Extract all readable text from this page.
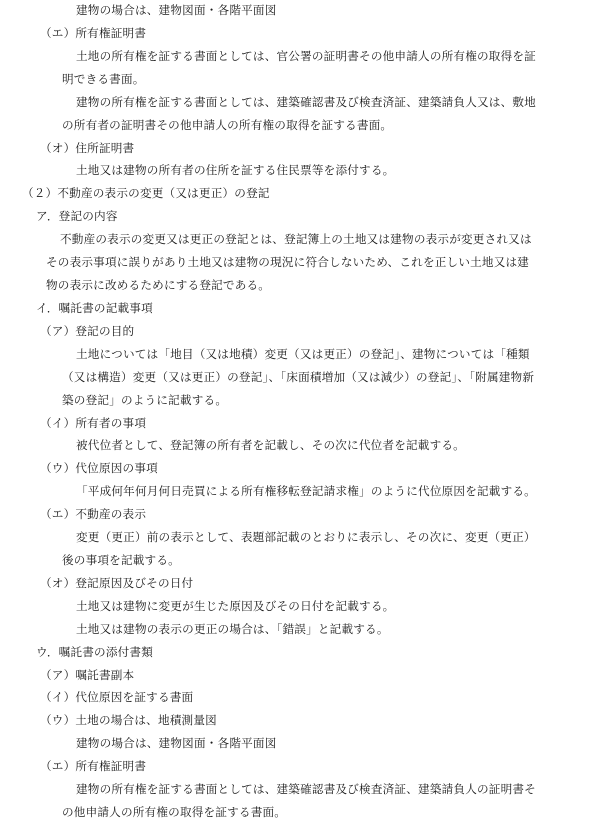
建物の場合は、建物図面・各階平面図
（エ）所有権証明書
土地の所有権を証する書面としては、官公署の証明書その他申請人の所有権の取得を証
明できる書面。
建物の所有権を証する書面としては、建築確認書及び検査済証、建築請負人又は、敷地
の所有者の証明書その他申請人の所有権の取得を証する書面。
（オ）住所証明書
土地又は建物の所有者の住所を証する住民票等を添付する。
（２）不動産の表示の変更（又は更正）の登記
ア．登記の内容
不動産の表示の変更又は更正の登記とは、登記簿上の土地又は建物の表示が変更され又は
その表示事項に誤りがあり土地又は建物の現況に符合しないため、これを正しい土地又は建
物の表示に改めるためにする登記である。
イ．嘱託書の記載事項
（ア）登記の目的
土地については「地目（又は地積）変更（又は更正）の登記」、建物については「種類
（又は構造）変更（又は更正）の登記」、「床面積増加（又は減少）の登記」、「附属建物新
築の登記」のように記載する。
（イ）所有者の事項
被代位者として、登記簿の所有者を記載し、その次に代位者を記載する。
（ウ）代位原因の事項
「平成何年何月何日売買による所有権移転登記請求権」のように代位原因を記載する。
（エ）不動産の表示
変更（更正）前の表示として、表題部記載のとおりに表示し、その次に、変更（更正）
後の事項を記載する。
（オ）登記原因及びその日付
土地又は建物に変更が生じた原因及びその日付を記載する。
土地又は建物の表示の更正の場合は、「錯誤」と記載する。
ウ．嘱託書の添付書類
（ア）嘱託書副本
（イ）代位原因を証する書面
（ウ）土地の場合は、地積測量図
建物の場合は、建物図面・各階平面図
（エ）所有権証明書
建物の所有権を証する書面としては、建築確認書及び検査済証、建築請負人の証明書そ
の他申請人の所有権の取得を証する書面。
